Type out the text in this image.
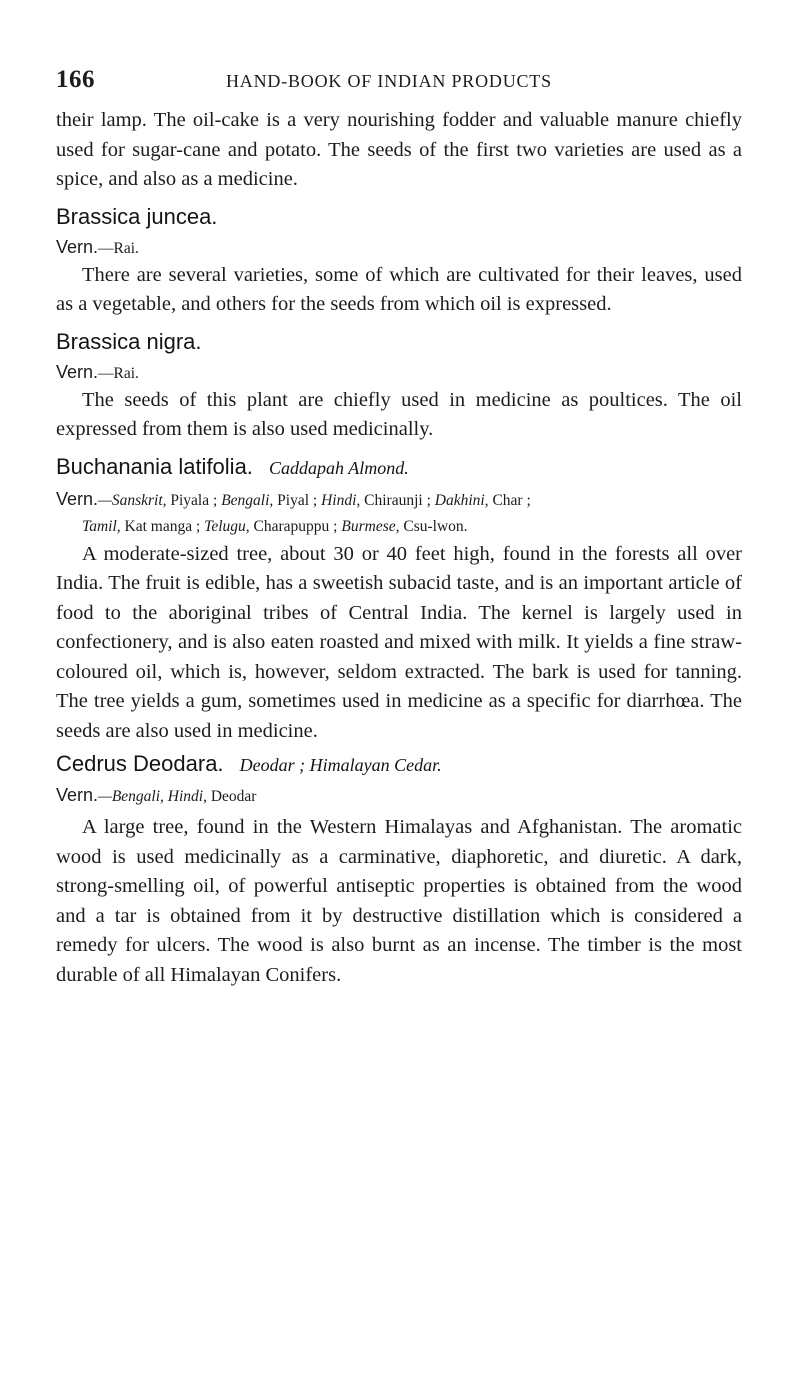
166	HAND-BOOK OF INDIAN PRODUCTS

their lamp. The oil-cake is a very nourishing fodder and valuable manure chiefly used for sugar-cane and potato. The seeds of the first two varieties are used as a spice, and also as a medicine.

Brassica juncea.

Vern.—Rai.

There are several varieties, some of which are cultivated for their leaves, used as a vegetable, and others for the seeds from which oil is expressed.

Brassica nigra.

Vern.—Rai.

The seeds of this plant are chiefly used in medicine as poultices. The oil expressed from them is also used medicinally.

Buchanania latifolia. Caddapah Almond.

Vern.—Sanskrit, Piyala ; Bengali, Piyal ; Hindi, Chiraunji ; Dakhini, Char ;
Tamil, Kat manga ; Telugu, Charapuppu ; Burmese, Csu-lwon.

A moderate-sized tree, about 30 or 40 feet high, found in the forests all over India. The fruit is edible, has a sweetish subacid taste, and is an important article of food to the aboriginal tribes of Central India. The kernel is largely used in confectionery, and is also eaten roasted and mixed with milk. It yields a fine straw-coloured oil, which is, however, seldom extracted. The bark is used for tanning. The tree yields a gum, sometimes used in medicine as a specific for diarrhœa. The seeds are also used in medicine.

Cedrus Deodara. Deodar ; Himalayan Cedar.

Vern.—Bengali, Hindi, Deodar

A large tree, found in the Western Himalayas and Afghanistan. The aromatic wood is used medicinally as a carminative, diaphoretic, and diuretic. A dark, strong-smelling oil, of powerful antiseptic properties is obtained from the wood and a tar is obtained from it by destructive distillation which is considered a remedy for ulcers. The wood is also burnt as an incense. The timber is the most durable of all Himalayan Conifers.
